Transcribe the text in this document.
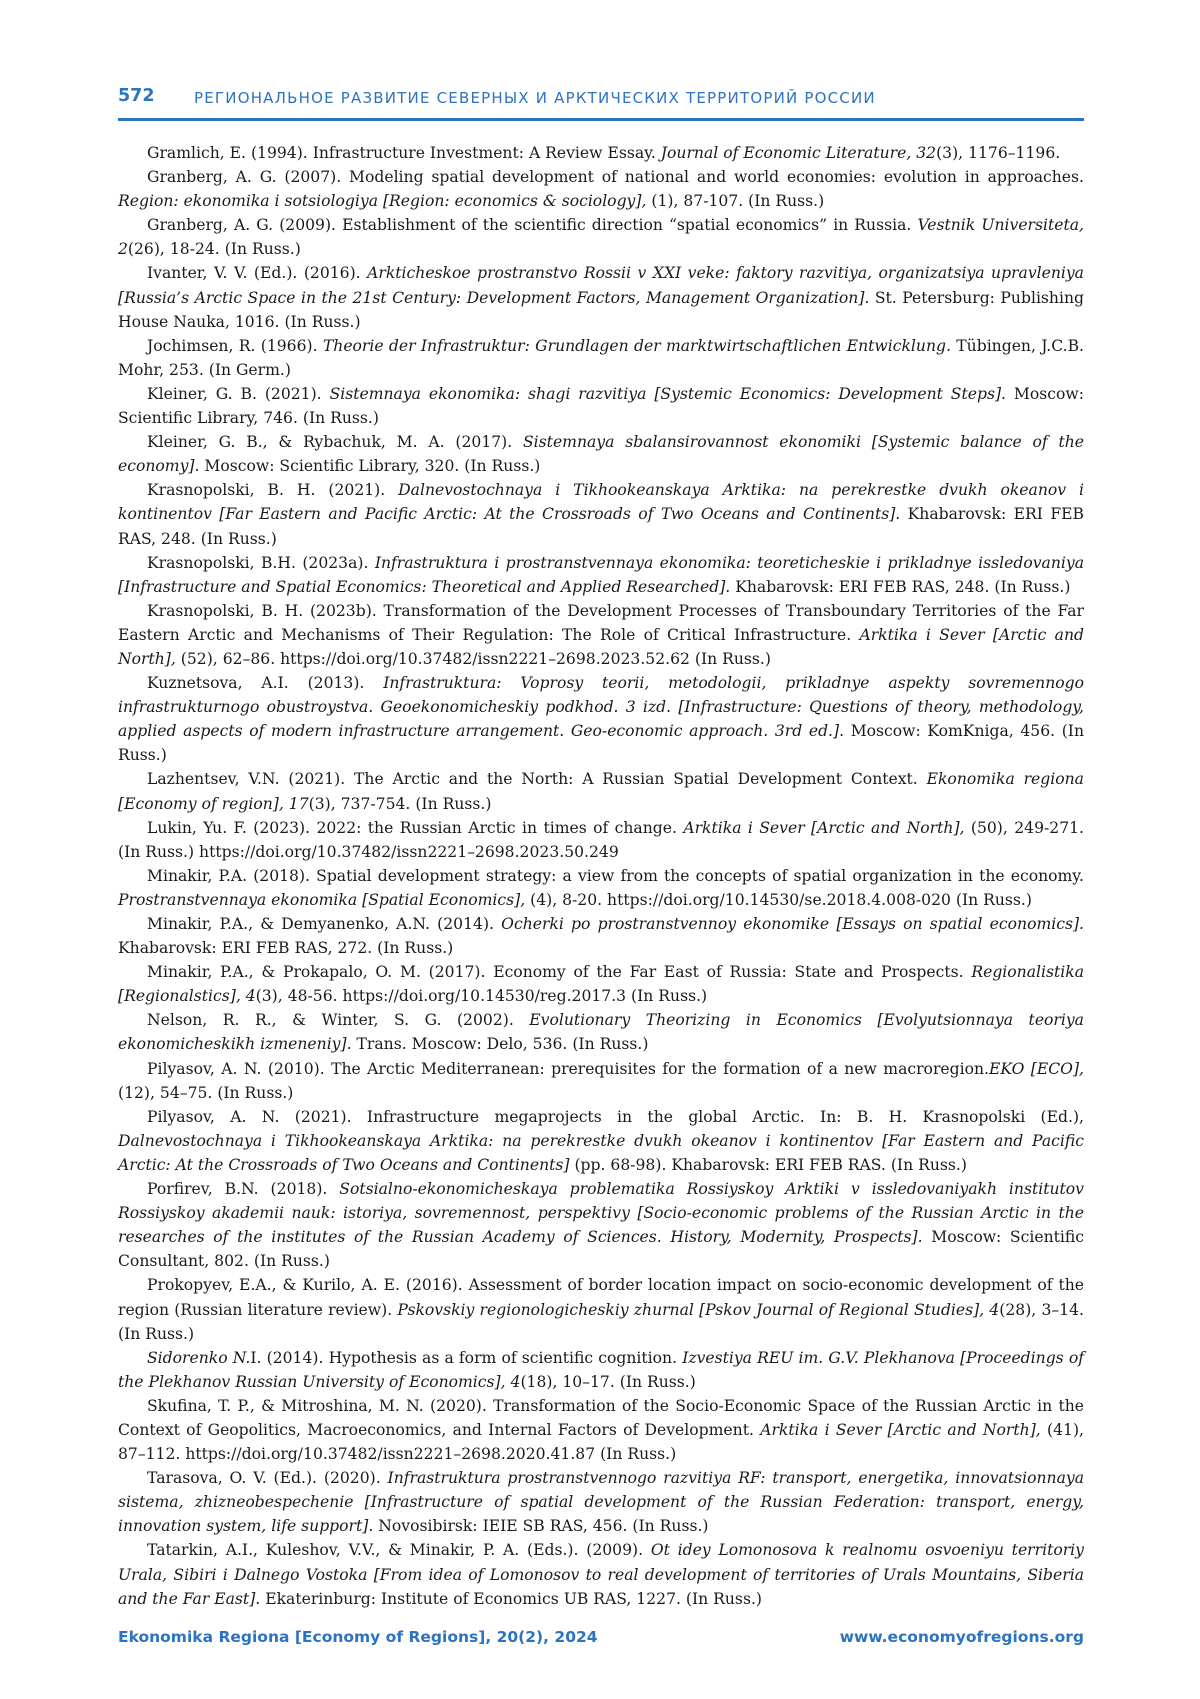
572	РЕГИОНАЛЬНОЕ РАЗВИТИЕ СЕВЕРНЫХ И АРКТИЧЕСКИХ ТЕРРИТОРИЙ РОССИИ

Gramlich, E. (1994). Infrastructure Investment: A Review Essay. Journal of Economic Literature, 32(3), 1176–1196.

Granberg, A. G. (2007). Modeling spatial development of national and world economies: evolution in approaches. Region: ekonomika i sotsiologiya [Region: economics & sociology], (1), 87-107. (In Russ.)

Granberg, A. G. (2009). Establishment of the scientific direction “spatial economics” in Russia. Vestnik Universiteta, 2(26), 18-24. (In Russ.)

Ivanter, V. V. (Ed.). (2016). Arkticheskoe prostranstvo Rossii v XXI veke: faktory razvitiya, organizatsiya upravleniya [Russia’s Arctic Space in the 21st Century: Development Factors, Management Organization]. St. Petersburg: Publishing House Nauka, 1016. (In Russ.)

Jochimsen, R. (1966). Theorie der Infrastruktur: Grundlagen der marktwirtschaftlichen Entwicklung. Tübingen, J.C.B. Mohr, 253. (In Germ.)

Kleiner, G. B. (2021). Sistemnaya ekonomika: shagi razvitiya [Systemic Economics: Development Steps]. Moscow: Scientific Library, 746. (In Russ.)

Kleiner, G. B., & Rybachuk, M. A. (2017). Sistemnaya sbalansirovannost ekonomiki [Systemic balance of the economy]. Moscow: Scientific Library, 320. (In Russ.)

Krasnopolski, B. H. (2021). Dalnevostochnaya i Tikhookeanskaya Arktika: na perekrestke dvukh okeanov i kontinentov [Far Eastern and Pacific Arctic: At the Crossroads of Two Oceans and Continents]. Khabarovsk: ERI FEB RAS, 248. (In Russ.)

Krasnopolski, B.H. (2023a). Infrastruktura i prostranstvennaya ekonomika: teoreticheskie i prikladnye issledovaniya [Infrastructure and Spatial Economics: Theoretical and Applied Researched]. Khabarovsk: ERI FEB RAS, 248. (In Russ.)

Krasnopolski, B. H. (2023b). Transformation of the Development Processes of Transboundary Territories of the Far Eastern Arctic and Mechanisms of Their Regulation: The Role of Critical Infrastructure. Arktika i Sever [Arctic and North], (52), 62–86. https://doi.org/10.37482/issn2221–2698.2023.52.62 (In Russ.)

Kuznetsova, A.I. (2013). Infrastruktura: Voprosy teorii, metodologii, prikladnye aspekty sovremennogo infrastrukturnogo obustroystva. Geoekonomicheskiy podkhod. 3 izd. [Infrastructure: Questions of theory, methodology, applied aspects of modern infrastructure arrangement. Geo-economic approach. 3rd ed.]. Moscow: KomKniga, 456. (In Russ.)

Lazhentsev, V.N. (2021). The Arctic and the North: A Russian Spatial Development Context. Ekonomika regiona [Economy of region], 17(3), 737-754. (In Russ.)

Lukin, Yu. F. (2023). 2022: the Russian Arctic in times of change. Arktika i Sever [Arctic and North], (50), 249-271. (In Russ.) https://doi.org/10.37482/issn2221–2698.2023.50.249

Minakir, P.A. (2018). Spatial development strategy: a view from the concepts of spatial organization in the economy. Prostranstvennaya ekonomika [Spatial Economics], (4), 8-20. https://doi.org/10.14530/se.2018.4.008-020 (In Russ.)

Minakir, P.A., & Demyanenko, A.N. (2014). Ocherki po prostranstvennoy ekonomike [Essays on spatial economics]. Khabarovsk: ERI FEB RAS, 272. (In Russ.)

Minakir, P.A., & Prokapalo, O. M. (2017). Economy of the Far East of Russia: State and Prospects. Regionalistika [Regionalstics], 4(3), 48-56. https://doi.org/10.14530/reg.2017.3 (In Russ.)

Nelson, R. R., & Winter, S. G. (2002). Evolutionary Theorizing in Economics [Evolyutsionnaya teoriya ekonomicheskikh izmeneniy]. Trans. Moscow: Delo, 536. (In Russ.)

Pilyasov, A. N. (2010). The Arctic Mediterranean: prerequisites for the formation of a new macroregion.EKO [ECO], (12), 54–75. (In Russ.)

Pilyasov, A. N. (2021). Infrastructure megaprojects in the global Arctic. In: B. H. Krasnopolski (Ed.), Dalnevostochnaya i Tikhookeanskaya Arktika: na perekrestke dvukh okeanov i kontinentov [Far Eastern and Pacific Arctic: At the Crossroads of Two Oceans and Continents] (pp. 68-98). Khabarovsk: ERI FEB RAS. (In Russ.)

Porfirev, B.N. (2018). Sotsialno-ekonomicheskaya problematika Rossiyskoy Arktiki v issledovaniyakh institutov Rossiyskoy akademii nauk: istoriya, sovremennost, perspektivy [Socio-economic problems of the Russian Arctic in the researches of the institutes of the Russian Academy of Sciences. History, Modernity, Prospects]. Moscow: Scientific Consultant, 802. (In Russ.)

Prokopyev, E.A., & Kurilo, A. E. (2016). Assessment of border location impact on socio-economic development of the region (Russian literature review). Pskovskiy regionologicheskiy zhurnal [Pskov Journal of Regional Studies], 4(28), 3–14. (In Russ.)

Sidorenko N.I. (2014). Hypothesis as a form of scientific cognition. Izvestiya REU im. G.V. Plekhanova [Proceedings of the Plekhanov Russian University of Economics], 4(18), 10–17. (In Russ.)

Skufina, T. P., & Mitroshina, M. N. (2020). Transformation of the Socio-Economic Space of the Russian Arctic in the Context of Geopolitics, Macroeconomics, and Internal Factors of Development. Arktika i Sever [Arctic and North], (41), 87–112. https://doi.org/10.37482/issn2221–2698.2020.41.87 (In Russ.)

Tarasova, O. V. (Ed.). (2020). Infrastruktura prostranstvennogo razvitiya RF: transport, energetika, innovatsionnaya sistema, zhizneobespechenie [Infrastructure of spatial development of the Russian Federation: transport, energy, innovation system, life support]. Novosibirsk: IEIE SB RAS, 456. (In Russ.)

Tatarkin, A.I., Kuleshov, V.V., & Minakir, P. A. (Eds.). (2009). Ot idey Lomonosova k realnomu osvoeniyu territoriy Urala, Sibiri i Dalnego Vostoka [From idea of Lomonosov to real development of territories of Urals Mountains, Siberia and the Far East]. Ekaterinburg: Institute of Economics UB RAS, 1227. (In Russ.)

Ekonomika Regiona [Economy of Regions], 20(2), 2024	www.economyofregions.org
